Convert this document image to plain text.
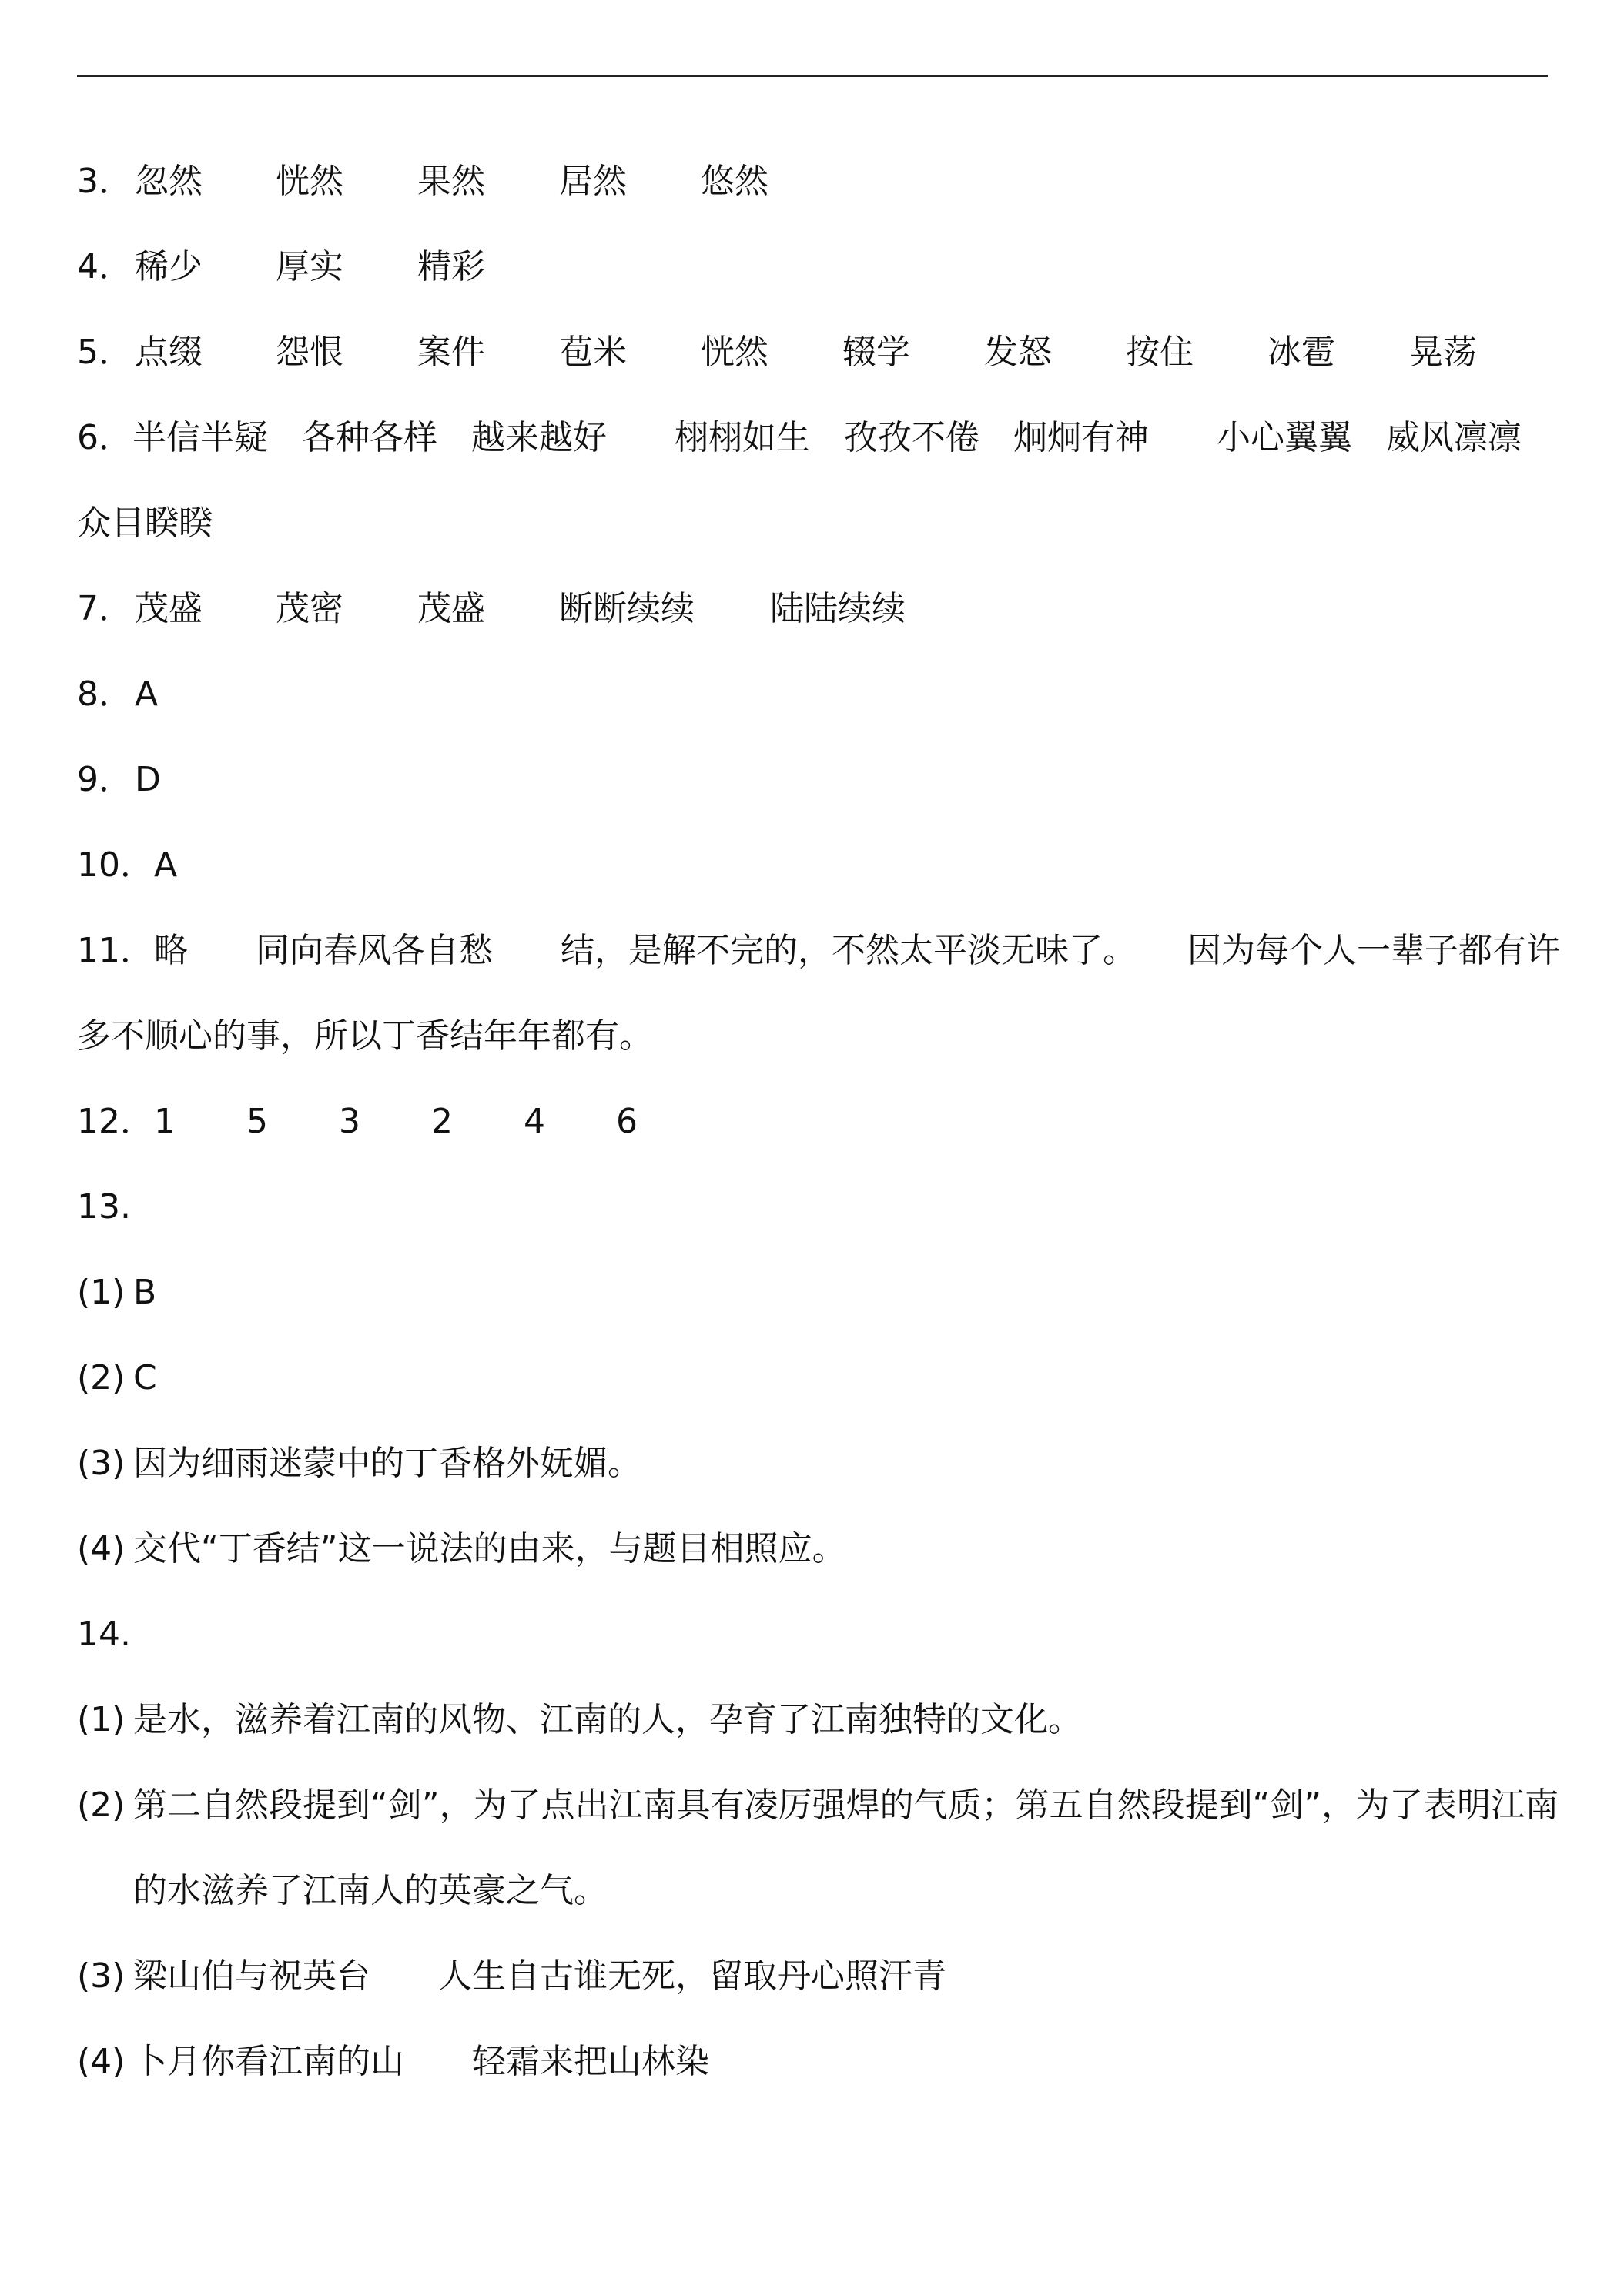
3． 忽然 恍然 果然 居然 悠然
4． 稀少 厚实 精彩
5． 点缀 怨恨 案件 苞米 恍然 辍学 发怒 按住 冰雹 晃荡
6．半信半疑　各种各样　越来越好　　栩栩如生　孜孜不倦　炯炯有神　　小心翼翼　威风凛凛　众目睽睽
7． 茂盛 茂密 茂盛 断断续续 陆陆续续
8． A
9． D
10． A
11．略　　同向春风各自愁　　结，是解不完的，不然太平淡无味了。　　因为每个人一辈子都有许多不顺心的事，所以丁香结年年都有。
12． 1 5 3 2 4 6
13.
(1) B
(2) C
(3) 因为细雨迷蒙中的丁香格外妩媚。
(4) 交代“丁香结”这一说法的由来，与题目相照应。
14.
(1) 是水，滋养着江南的风物、江南的人，孕育了江南独特的文化。
(2) 第二自然段提到“剑”，为了点出江南具有凌厉强焊的气质；第五自然段提到“剑”，为了表明江南的水滋养了江南人的英豪之气。
(3) 梁山伯与祝英台　　人生自古谁无死，留取丹心照汗青
(4) 卜月你看江南的山　　轻霜来把山林染
